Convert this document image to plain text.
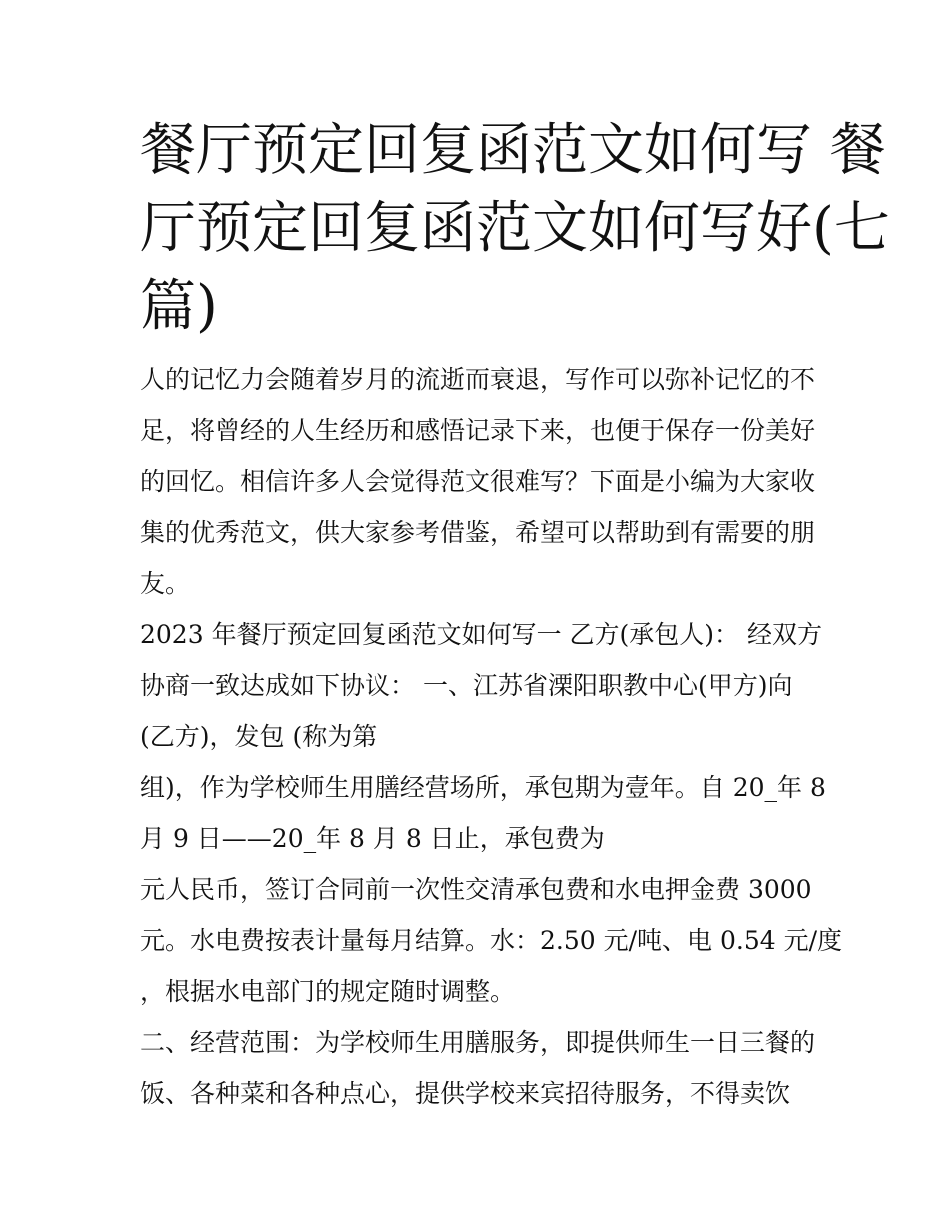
餐厅预定回复函范文如何写 餐
厅预定回复函范文如何写好(七
篇)
人的记忆力会随着岁月的流逝而衰退，写作可以弥补记忆的不
足，将曾经的人生经历和感悟记录下来，也便于保存一份美好
的回忆。相信许多人会觉得范文很难写？下面是小编为大家收
集的优秀范文，供大家参考借鉴，希望可以帮助到有需要的朋
友。
2023 年餐厅预定回复函范文如何写一 乙方(承包人)： 经双方
协商一致达成如下协议： 一、江苏省溧阳职教中心(甲方)向
(乙方)，发包 (称为第
组)，作为学校师生用膳经营场所，承包期为壹年。自 20_年 8
月 9 日——20_年 8 月 8 日止，承包费为
元人民币，签订合同前一次性交清承包费和水电押金费 3000
元。水电费按表计量每月结算。水：2.50 元/吨、电 0.54 元/度
，根据水电部门的规定随时调整。
二、经营范围：为学校师生用膳服务，即提供师生一日三餐的
饭、各种菜和各种点心，提供学校来宾招待服务，不得卖饮
